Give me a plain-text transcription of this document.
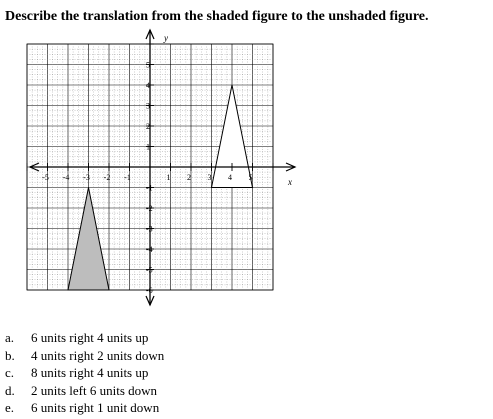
Describe the translation from the shaded figure to the unshaded figure.
-5 -4 -3 -2 -1	1 2 3 4 5
5
4
3
2
1
-1
-2
-3
-4
-5
-6
x
y
a. 6 units right 4 units up
b. 4 units right 2 units down
c. 8 units right 4 units up
d. 2 units left 6 units down
e. 6 units right 1 unit down
